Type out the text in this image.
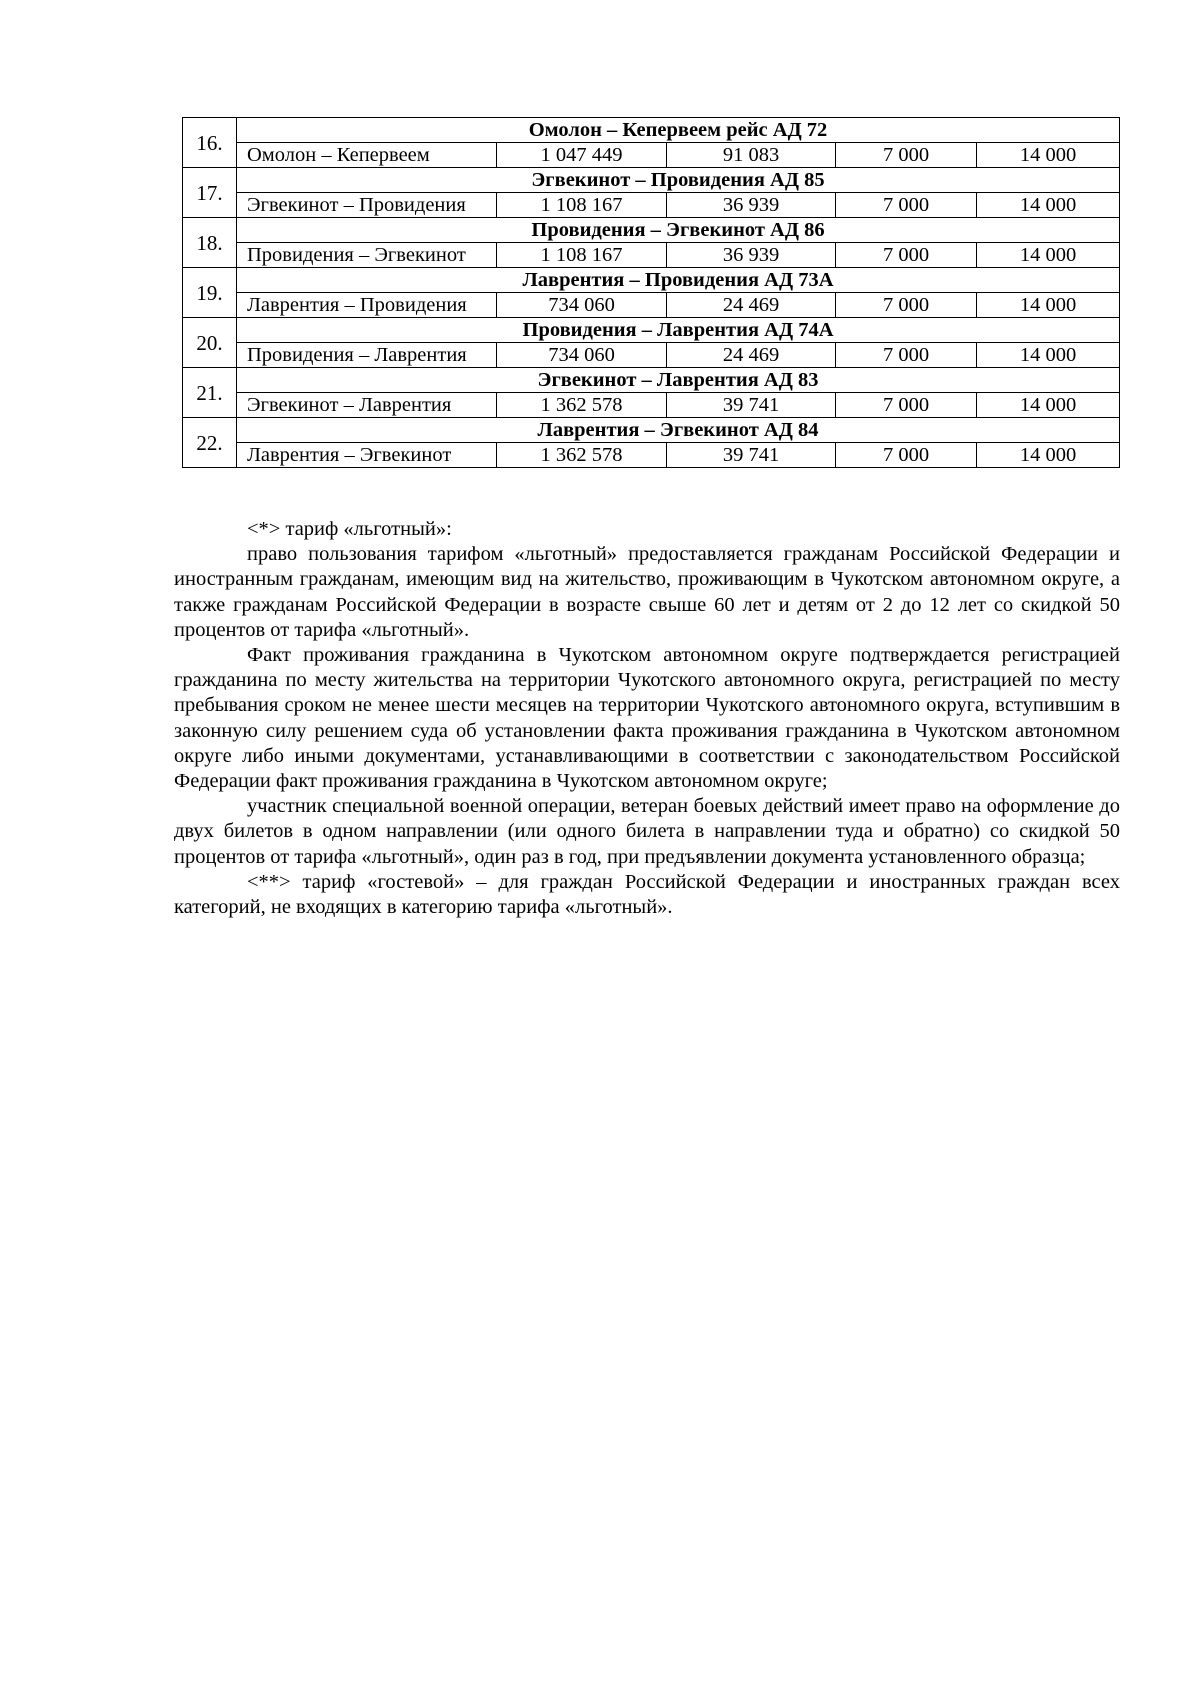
16.	Омолон – Кепервеем рейс АД 72				
	Омолон – Кепервеем	1 047 449	91 083	7 000	14 000
17.	Эгвекинот – Провидения АД 85				
	Эгвекинот – Провидения	1 108 167	36 939	7 000	14 000
18.	Провидения – Эгвекинот АД 86				
	Провидения – Эгвекинот	1 108 167	36 939	7 000	14 000
19.	Лаврентия – Провидения АД 73А				
	Лаврентия – Провидения	734 060	24 469	7 000	14 000
20.	Провидения – Лаврентия АД 74А				
	Провидения – Лаврентия	734 060	24 469	7 000	14 000
21.	Эгвекинот – Лаврентия АД 83				
	Эгвекинот – Лаврентия	1 362 578	39 741	7 000	14 000
22.	Лаврентия – Эгвекинот АД 84				
	Лаврентия – Эгвекинот	1 362 578	39 741	7 000	14 000

<*> тариф «льготный»:

право пользования тарифом «льготный» предоставляется гражданам Российской Федерации и иностранным гражданам, имеющим вид на жительство, проживающим в Чукотском автономном округе, а также гражданам Российской Федерации в возрасте свыше 60 лет и детям от 2 до 12 лет со скидкой 50 процентов от тарифа «льготный».

Факт проживания гражданина в Чукотском автономном округе подтверждается регистрацией гражданина по месту жительства на территории Чукотского автономного округа, регистрацией по месту пребывания сроком не менее шести месяцев на территории Чукотского автономного округа, вступившим в законную силу решением суда об установлении факта проживания гражданина в Чукотском автономном округе либо иными документами, устанавливающими в соответствии с законодательством Российской Федерации факт проживания гражданина в Чукотском автономном округе;

участник специальной военной операции, ветеран боевых действий имеет право на оформление до двух билетов в одном направлении (или одного билета в направлении туда и обратно) со скидкой 50 процентов от тарифа «льготный», один раз в год, при предъявлении документа установленного образца;

<**> тариф «гостевой» – для граждан Российской Федерации и иностранных граждан всех категорий, не входящих в категорию тарифа «льготный».
